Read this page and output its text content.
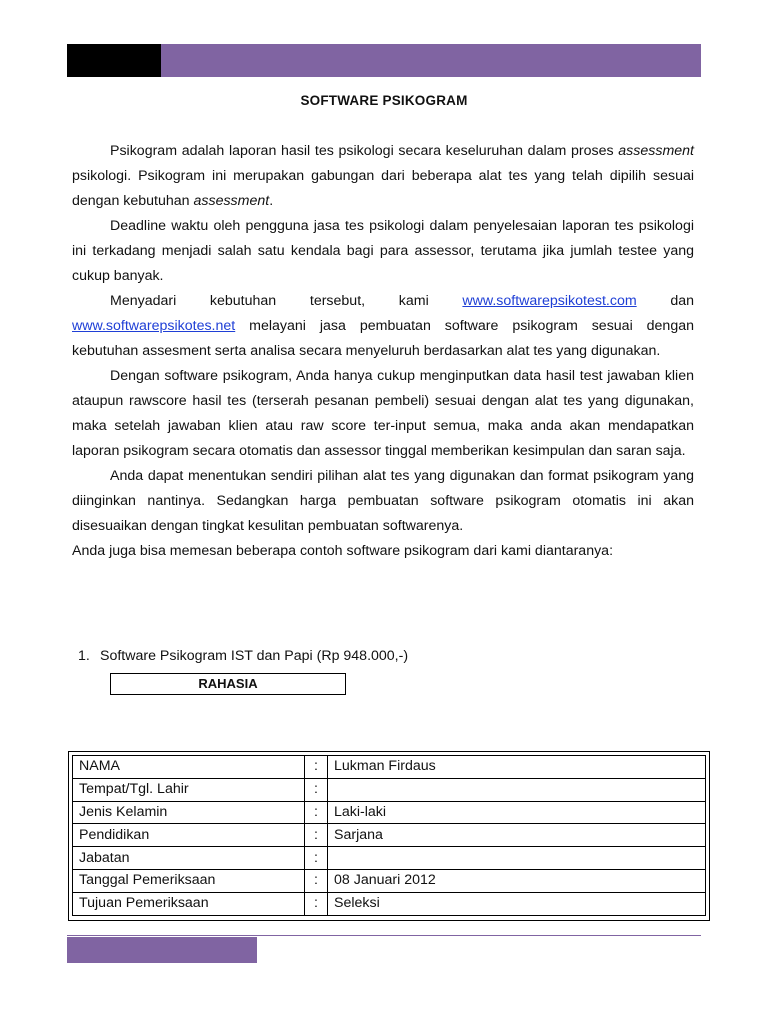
SOFTWARE PSIKOGRAM

Psikogram adalah laporan hasil tes psikologi secara keseluruhan dalam proses assessment psikologi. Psikogram ini merupakan gabungan dari beberapa alat tes yang telah dipilih sesuai dengan kebutuhan assessment.

Deadline waktu oleh pengguna jasa tes psikologi dalam penyelesaian laporan tes psikologi ini terkadang menjadi salah satu kendala bagi para assessor, terutama jika jumlah testee yang cukup banyak.

Menyadari kebutuhan tersebut, kami www.softwarepsikotest.com dan

www.softwarepsikotes.net melayani jasa pembuatan software psikogram sesuai dengan kebutuhan assesment serta analisa secara menyeluruh berdasarkan alat tes yang digunakan.

Dengan software psikogram, Anda hanya cukup menginputkan data hasil test jawaban klien ataupun rawscore hasil tes (terserah pesanan pembeli) sesuai dengan alat tes yang digunakan, maka setelah jawaban klien atau raw score ter-input semua, maka anda akan mendapatkan laporan psikogram secara otomatis dan assessor tinggal memberikan kesimpulan dan saran saja.

Anda dapat menentukan sendiri pilihan alat tes yang digunakan dan format psikogram yang diinginkan nantinya. Sedangkan harga pembuatan software psikogram otomatis ini akan disesuaikan dengan tingkat kesulitan pembuatan softwarenya.

Anda juga bisa memesan beberapa contoh software psikogram dari kami diantaranya:

1. Software Psikogram IST dan Papi (Rp 948.000,-)
RAHASIA
NAMA	:	Lukman Firdaus
Tempat/Tgl. Lahir	:	
Jenis Kelamin	:	Laki-laki
Pendidikan	:	Sarjana
Jabatan	:	
Tanggal Pemeriksaan	:	08 Januari 2012
Tujuan Pemeriksaan	:	Seleksi
